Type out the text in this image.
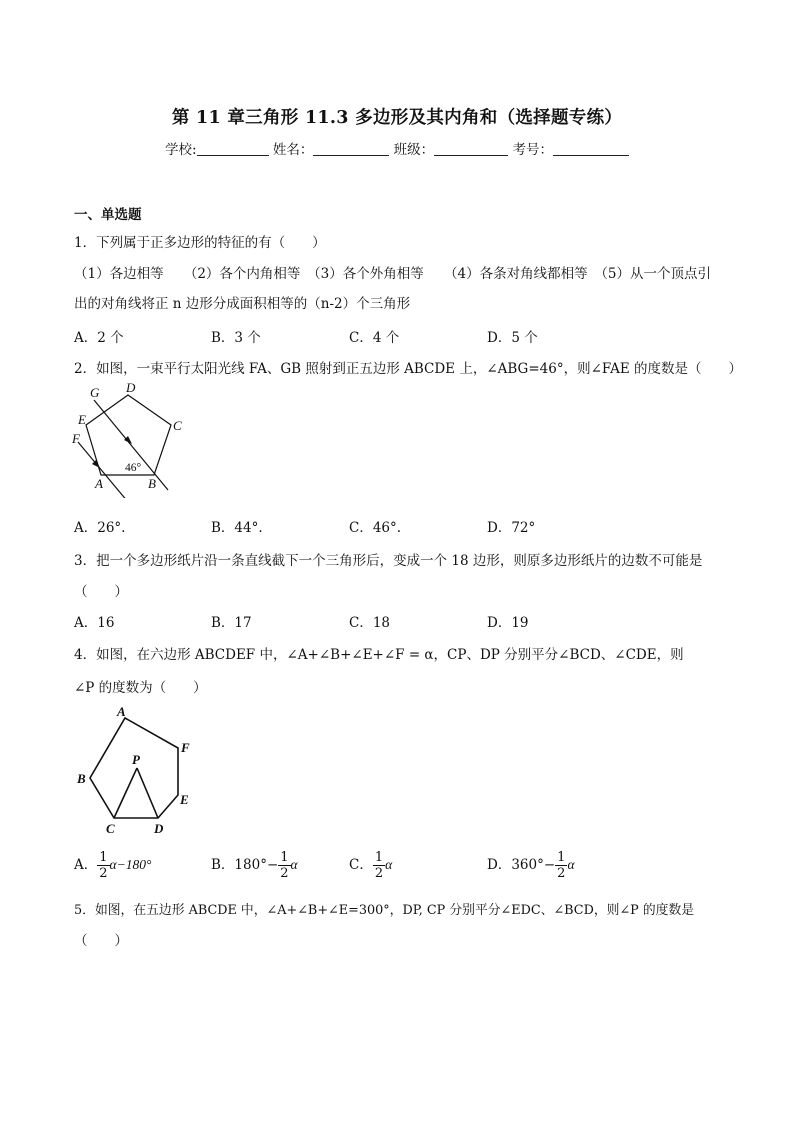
第 11 章三角形 11.3 多边形及其内角和（选择题专练）
学校:	姓名：	班级：	考号：
一、单选题
1．下列属于正多边形的特征的有（　　）
（1）各边相等　　（2）各个内角相等　（3）各个外角相等　　（4）各条对角线都相等　（5）从一个顶点引
出的对角线将正 n 边形分成面积相等的（n-2）个三角形
A．2 个	B．3 个	C．4 个	D．5 个
2．如图，一束平行太阳光线 FA、GB 照射到正五边形 ABCDE 上，∠ABG=46°，则∠FAE 的度数是（　　）
G D
C
E
F
A	B
46°
A．26°.	B．44°.	C．46°.	D．72°
3．把一个多边形纸片沿一条直线截下一个三角形后，变成一个 18 边形，则原多边形纸片的边数不可能是
（　　）
A．16	B．17	C．18	D．19
4．如图，在六边形 ABCDEF 中，∠A+∠B+∠E+∠F = α，CP、DP 分别平分∠BCD、∠CDE，则
∠P 的度数为（　　）
A
F
E
D
C
B
P
A． $\frac{1}{2} \alpha-180^\circ$	B．$180^\circ- \frac{1}{2}$ α	C． $\frac{1}{2}$ α	D．$360^\circ- \frac{1}{2}$ α
5．如图，在五边形 ABCDE 中，∠A+∠B+∠E=300°，DP, CP 分别平分∠EDC、∠BCD，则∠P 的度数是
（　　）
